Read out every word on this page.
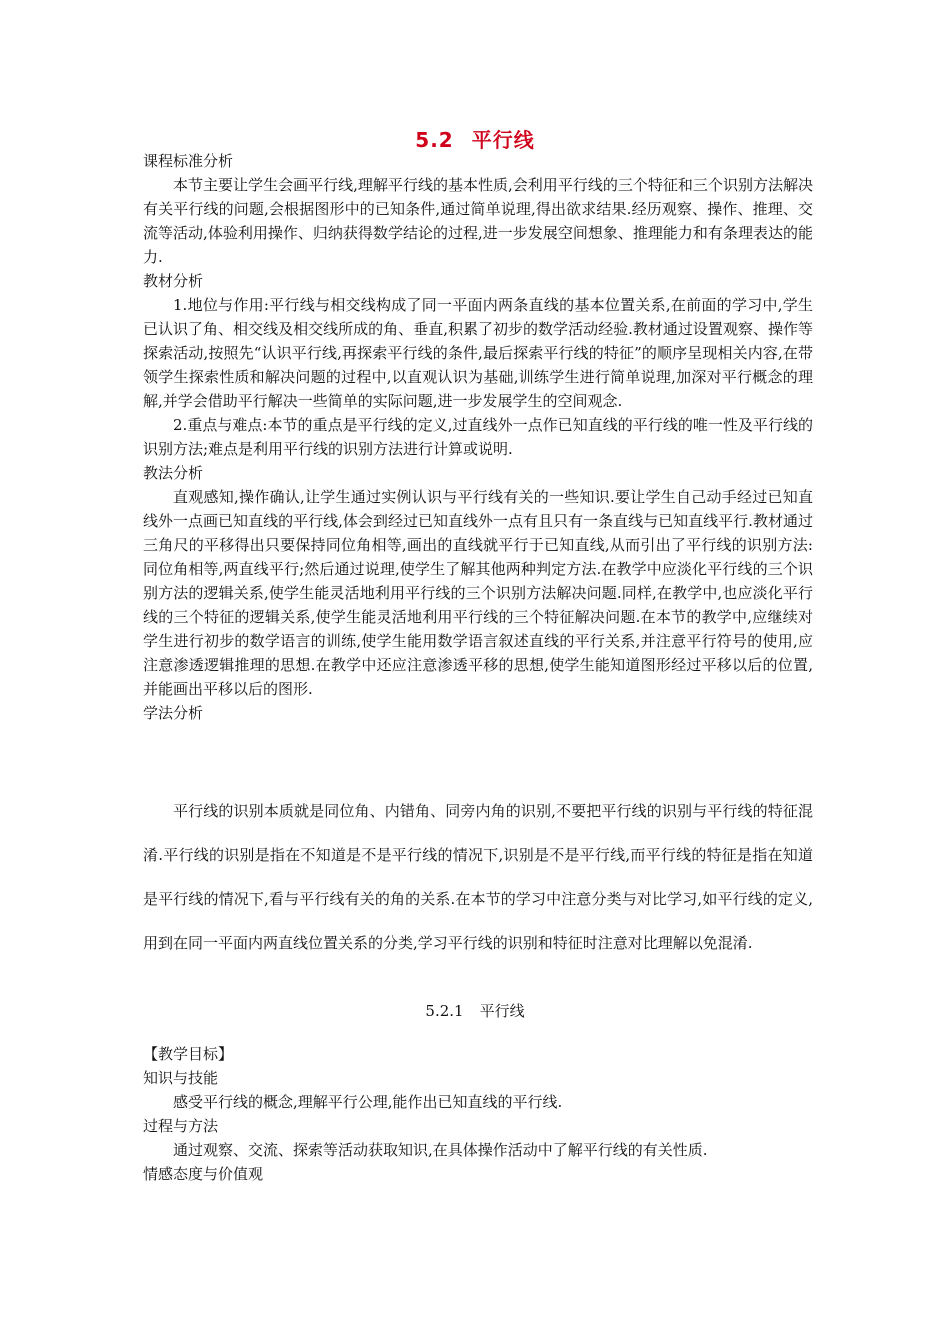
5.2 平行线
课程标准分析
本节主要让学生会画平行线,理解平行线的基本性质,会利用平行线的三个特征和三个识别方法解决有关平行线的问题,会根据图形中的已知条件,通过简单说理,得出欲求结果.经历观察、操作、推理、交流等活动,体验利用操作、归纳获得数学结论的过程,进一步发展空间想象、推理能力和有条理表达的能力.
教材分析
1.地位与作用:平行线与相交线构成了同一平面内两条直线的基本位置关系,在前面的学习中,学生已认识了角、相交线及相交线所成的角、垂直,积累了初步的数学活动经验.教材通过设置观察、操作等探索活动,按照先“认识平行线,再探索平行线的条件,最后探索平行线的特征”的顺序呈现相关内容,在带领学生探索性质和解决问题的过程中,以直观认识为基础,训练学生进行简单说理,加深对平行概念的理解,并学会借助平行解决一些简单的实际问题,进一步发展学生的空间观念.
2.重点与难点:本节的重点是平行线的定义,过直线外一点作已知直线的平行线的唯一性及平行线的识别方法;难点是利用平行线的识别方法进行计算或说明.
教法分析
直观感知,操作确认,让学生通过实例认识与平行线有关的一些知识.要让学生自己动手经过已知直线外一点画已知直线的平行线,体会到经过已知直线外一点有且只有一条直线与已知直线平行.教材通过三角尺的平移得出只要保持同位角相等,画出的直线就平行于已知直线,从而引出了平行线的识别方法:同位角相等,两直线平行;然后通过说理,使学生了解其他两种判定方法.在教学中应淡化平行线的三个识别方法的逻辑关系,使学生能灵活地利用平行线的三个识别方法解决问题.同样,在教学中,也应淡化平行线的三个特征的逻辑关系,使学生能灵活地利用平行线的三个特征解决问题.在本节的教学中,应继续对学生进行初步的数学语言的训练,使学生能用数学语言叙述直线的平行关系,并注意平行符号的使用,应注意渗透逻辑推理的思想.在教学中还应注意渗透平移的思想,使学生能知道图形经过平移以后的位置,并能画出平移以后的图形.
学法分析
平行线的识别本质就是同位角、内错角、同旁内角的识别,不要把平行线的识别与平行线的特征混淆.平行线的识别是指在不知道是不是平行线的情况下,识别是不是平行线,而平行线的特征是指在知道是平行线的情况下,看与平行线有关的角的关系.在本节的学习中注意分类与对比学习,如平行线的定义,用到在同一平面内两直线位置关系的分类,学习平行线的识别和特征时注意对比理解以免混淆.
5.2.1 平行线
【教学目标】
知识与技能
感受平行线的概念,理解平行公理,能作出已知直线的平行线.
过程与方法
通过观察、交流、探索等活动获取知识,在具体操作活动中了解平行线的有关性质.
情感态度与价值观
